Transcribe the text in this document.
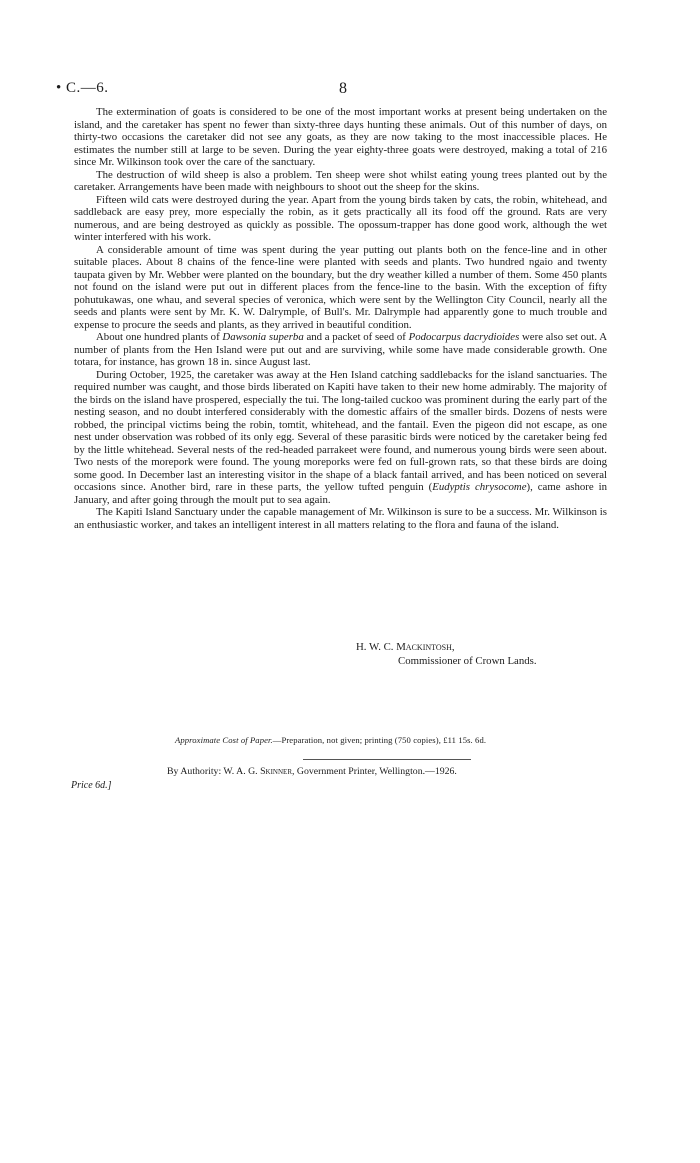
• C.—6.	8

The extermination of goats is considered to be one of the most important works at present being undertaken on the island, and the caretaker has spent no fewer than sixty-three days hunting these animals. Out of this number of days, on thirty-two occasions the caretaker did not see any goats, as they are now taking to the most inaccessible places. He estimates the number still at large to be seven. During the year eighty-three goats were destroyed, making a total of 216 since Mr. Wilkinson took over the care of the sanctuary.

The destruction of wild sheep is also a problem. Ten sheep were shot whilst eating young trees planted out by the caretaker. Arrangements have been made with neighbours to shoot out the sheep for the skins.

Fifteen wild cats were destroyed during the year. Apart from the young birds taken by cats, the robin, whitehead, and saddleback are easy prey, more especially the robin, as it gets practically all its food off the ground. Rats are very numerous, and are being destroyed as quickly as possible. The opossum-trapper has done good work, although the wet winter interfered with his work.

A considerable amount of time was spent during the year putting out plants both on the fence-line and in other suitable places. About 8 chains of the fence-line were planted with seeds and plants. Two hundred ngaio and twenty taupata given by Mr. Webber were planted on the boundary, but the dry weather killed a number of them. Some 450 plants not found on the island were put out in different places from the fence-line to the basin. With the exception of fifty pohutukawas, one whau, and several species of veronica, which were sent by the Wellington City Council, nearly all the seeds and plants were sent by Mr. K. W. Dalrymple, of Bull's. Mr. Dalrymple had apparently gone to much trouble and expense to procure the seeds and plants, as they arrived in beautiful condition.

About one hundred plants of Dawsonia superba and a packet of seed of Podocarpus dacrydioides were also set out. A number of plants from the Hen Island were put out and are surviving, while some have made considerable growth. One totara, for instance, has grown 18 in. since August last.

During October, 1925, the caretaker was away at the Hen Island catching saddlebacks for the island sanctuaries. The required number was caught, and those birds liberated on Kapiti have taken to their new home admirably. The majority of the birds on the island have prospered, especially the tui. The long-tailed cuckoo was prominent during the early part of the nesting season, and no doubt interfered considerably with the domestic affairs of the smaller birds. Dozens of nests were robbed, the principal victims being the robin, tomtit, whitehead, and the fantail. Even the pigeon did not escape, as one nest under observation was robbed of its only egg. Several of these parasitic birds were noticed by the caretaker being fed by the little whitehead. Several nests of the red-headed parrakeet were found, and numerous young birds were seen about. Two nests of the morepork were found. The young moreporks were fed on full-grown rats, so that these birds are doing some good. In December last an interesting visitor in the shape of a black fantail arrived, and has been noticed on several occasions since. Another bird, rare in these parts, the yellow tufted penguin (Eudyptis chrysocome), came ashore in January, and after going through the moult put to sea again.

The Kapiti Island Sanctuary under the capable management of Mr. Wilkinson is sure to be a success. Mr. Wilkinson is an enthusiastic worker, and takes an intelligent interest in all matters relating to the flora and fauna of the island.

H. W. C. Mackintosh,
Commissioner of Crown Lands.
Approximate Cost of Paper.—Preparation, not given; printing (750 copies), £11 15s. 6d.
By Authority: W. A. G. Skinner, Government Printer, Wellington.—1926.
Price 6d.]
